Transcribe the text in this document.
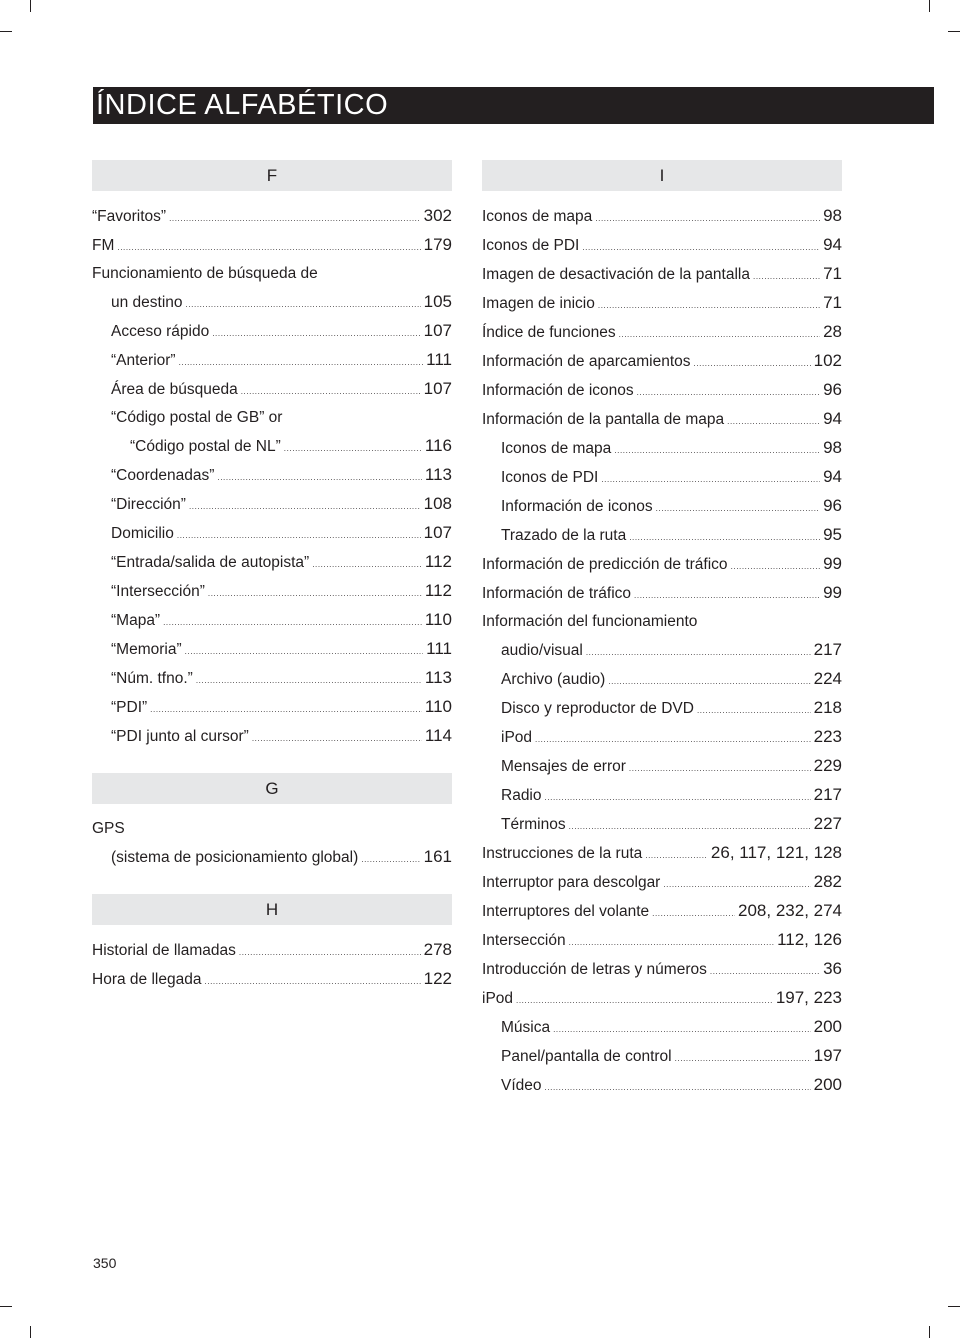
ÍNDICE ALFABÉTICO
F
“Favoritos” .....	302
FM .....	179
Funcionamiento de búsqueda de
un destino .....	105
Acceso rápido .....	107
“Anterior” .....	111
Área de búsqueda .....	107
“Código postal de GB” or
“Código postal de NL” .....	116
“Coordenadas” .....	113
“Dirección” .....	108
Domicilio .....	107
“Entrada/salida de autopista” .....	112
“Intersección” .....	112
“Mapa” .....	110
“Memoria” .....	111
“Núm. tfno.” .....	113
“PDI” .....	110
“PDI junto al cursor” .....	114
G
GPS
(sistema de posicionamiento global) .....	161
H
Historial de llamadas .....	278
Hora de llegada .....	122
I
Iconos de mapa .....	98
Iconos de PDI .....	94
Imagen de desactivación de la pantalla .....	71
Imagen de inicio .....	71
Índice de funciones .....	28
Información de aparcamientos .....	102
Información de iconos .....	96
Información de la pantalla de mapa .....	94
Iconos de mapa .....	98
Iconos de PDI .....	94
Información de iconos .....	96
Trazado de la ruta .....	95
Información de predicción de tráfico .....	99
Información de tráfico .....	99
Información del funcionamiento
audio/visual .....	217
Archivo (audio) .....	224
Disco y reproductor de DVD .....	218
iPod .....	223
Mensajes de error .....	229
Radio .....	217
Términos .....	227
Instrucciones de la ruta .....	26, 117, 121, 128
Interruptor para descolgar .....	282
Interruptores del volante .....	208, 232, 274
Intersección .....	112, 126
Introducción de letras y números .....	36
iPod .....	197, 223
Música .....	200
Panel/pantalla de control .....	197
Vídeo .....	200
350
